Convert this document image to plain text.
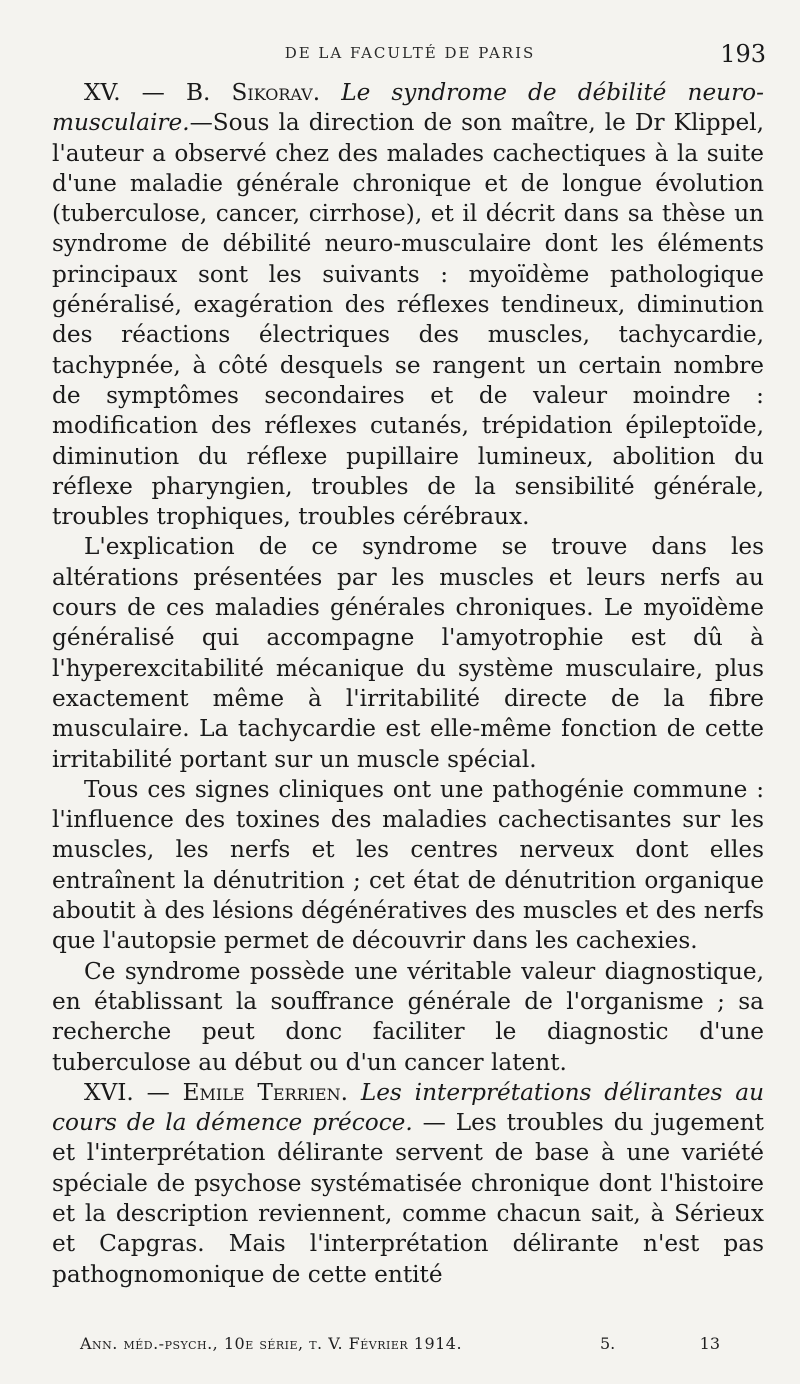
DE LA FACULTÉ DE PARIS	193

XV. — B. Sikorav. Le syndrome de débilité neuro-musculaire.—Sous la direction de son maître, le Dr Klippel, l'auteur a observé chez des malades cachectiques à la suite d'une maladie générale chronique et de longue évolution (tuberculose, cancer, cirrhose), et il décrit dans sa thèse un syndrome de débilité neuro-musculaire dont les éléments principaux sont les suivants : myoïdème pathologique généralisé, exagération des réflexes tendineux, diminution des réactions électriques des muscles, tachycardie, tachypnée, à côté desquels se rangent un certain nombre de symptômes secondaires et de valeur moindre : modification des réflexes cutanés, trépidation épileptoïde, diminution du réflexe pupillaire lumineux, abolition du réflexe pharyngien, troubles de la sensibilité générale, troubles trophiques, troubles cérébraux.

L'explication de ce syndrome se trouve dans les altérations présentées par les muscles et leurs nerfs au cours de ces maladies générales chroniques. Le myoïdème généralisé qui accompagne l'amyotrophie est dû à l'hyperexcitabilité mécanique du système musculaire, plus exactement même à l'irritabilité directe de la fibre musculaire. La tachycardie est elle-même fonction de cette irritabilité portant sur un muscle spécial.

Tous ces signes cliniques ont une pathogénie commune : l'influence des toxines des maladies cachectisantes sur les muscles, les nerfs et les centres nerveux dont elles entraînent la dénutrition ; cet état de dénutrition organique aboutit à des lésions dégénératives des muscles et des nerfs que l'autopsie permet de découvrir dans les cachexies.

Ce syndrome possède une véritable valeur diagnostique, en établissant la souffrance générale de l'organisme ; sa recherche peut donc faciliter le diagnostic d'une tuberculose au début ou d'un cancer latent.

XVI. — Emile Terrien. Les interprétations délirantes au cours de la démence précoce. — Les troubles du jugement et l'interprétation délirante servent de base à une variété spéciale de psychose systématisée chronique dont l'histoire et la description reviennent, comme chacun sait, à Sérieux et Capgras. Mais l'interprétation délirante n'est pas pathognomonique de cette entité

Ann. méd.-psych., 10e série, t. V. Février 1914.	5.	13
